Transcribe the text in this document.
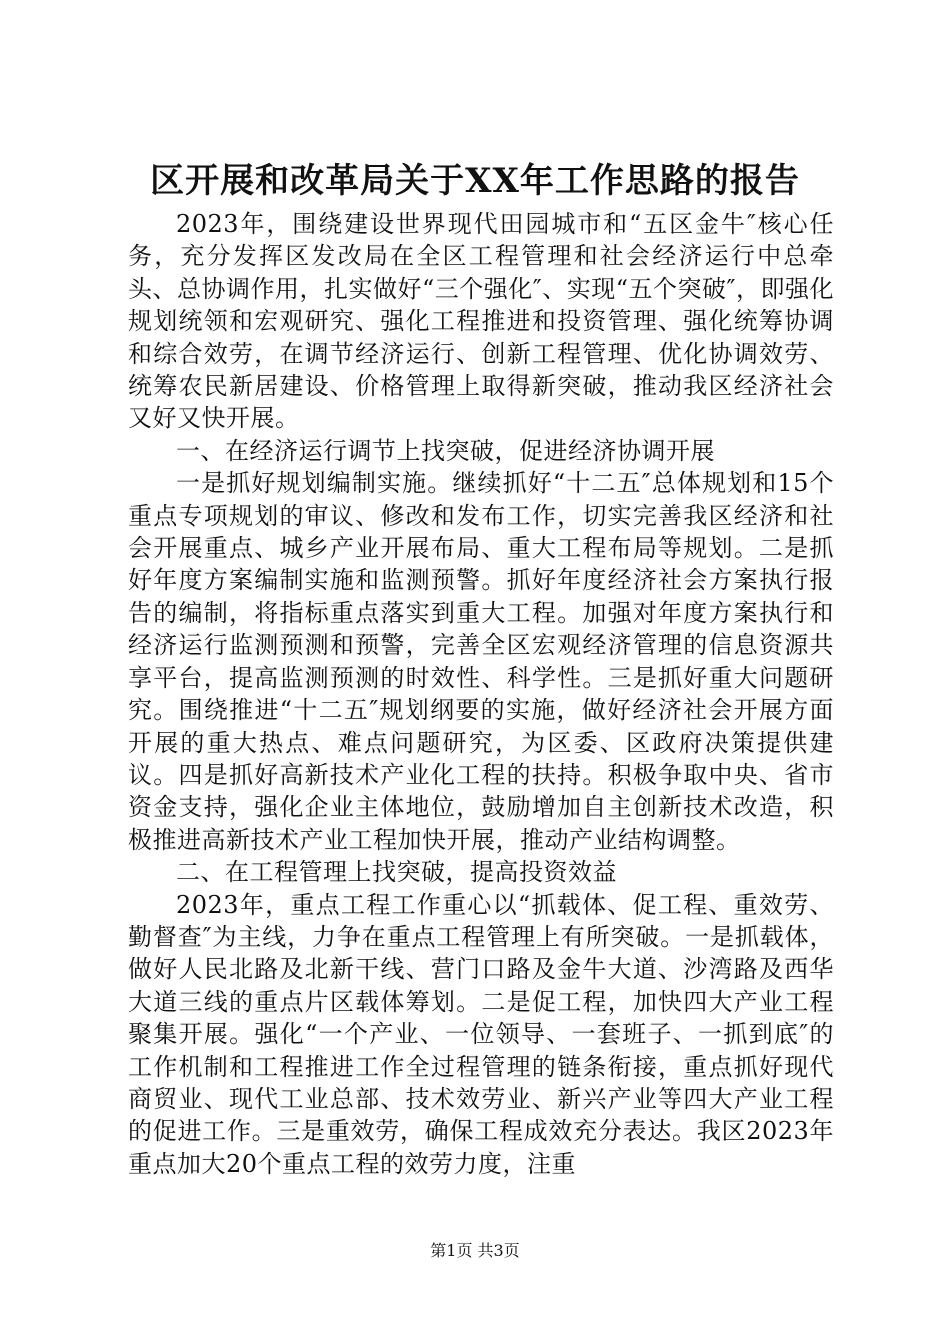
区开展和改革局关于XX年工作思路的报告

2023年，围绕建设世界现代田园城市和“五区金牛″核心任务，充分发挥区发改局在全区工程管理和社会经济运行中总牵头、总协调作用，扎实做好“三个强化″、实现“五个突破″，即强化规划统领和宏观研究、强化工程推进和投资管理、强化统筹协调和综合效劳，在调节经济运行、创新工程管理、优化协调效劳、统筹农民新居建设、价格管理上取得新突破，推动我区经济社会又好又快开展。

一、在经济运行调节上找突破，促进经济协调开展

一是抓好规划编制实施。继续抓好“十二五″总体规划和15个重点专项规划的审议、修改和发布工作，切实完善我区经济和社会开展重点、城乡产业开展布局、重大工程布局等规划。二是抓好年度方案编制实施和监测预警。抓好年度经济社会方案执行报告的编制，将指标重点落实到重大工程。加强对年度方案执行和经济运行监测预测和预警，完善全区宏观经济管理的信息资源共享平台，提高监测预测的时效性、科学性。三是抓好重大问题研究。围绕推进“十二五″规划纲要的实施，做好经济社会开展方面开展的重大热点、难点问题研究，为区委、区政府决策提供建议。四是抓好高新技术产业化工程的扶持。积极争取中央、省市资金支持，强化企业主体地位，鼓励增加自主创新技术改造，积极推进高新技术产业工程加快开展，推动产业结构调整。

二、在工程管理上找突破，提高投资效益

2023年，重点工程工作重心以“抓载体、促工程、重效劳、勤督查″为主线，力争在重点工程管理上有所突破。一是抓载体，做好人民北路及北新干线、营门口路及金牛大道、沙湾路及西华大道三线的重点片区载体筹划。二是促工程，加快四大产业工程聚集开展。强化“一个产业、一位领导、一套班子、一抓到底″的工作机制和工程推进工作全过程管理的链条衔接，重点抓好现代商贸业、现代工业总部、技术效劳业、新兴产业等四大产业工程的促进工作。三是重效劳，确保工程成效充分表达。我区2023年重点加大20个重点工程的效劳力度，注重

第1页 共3页
